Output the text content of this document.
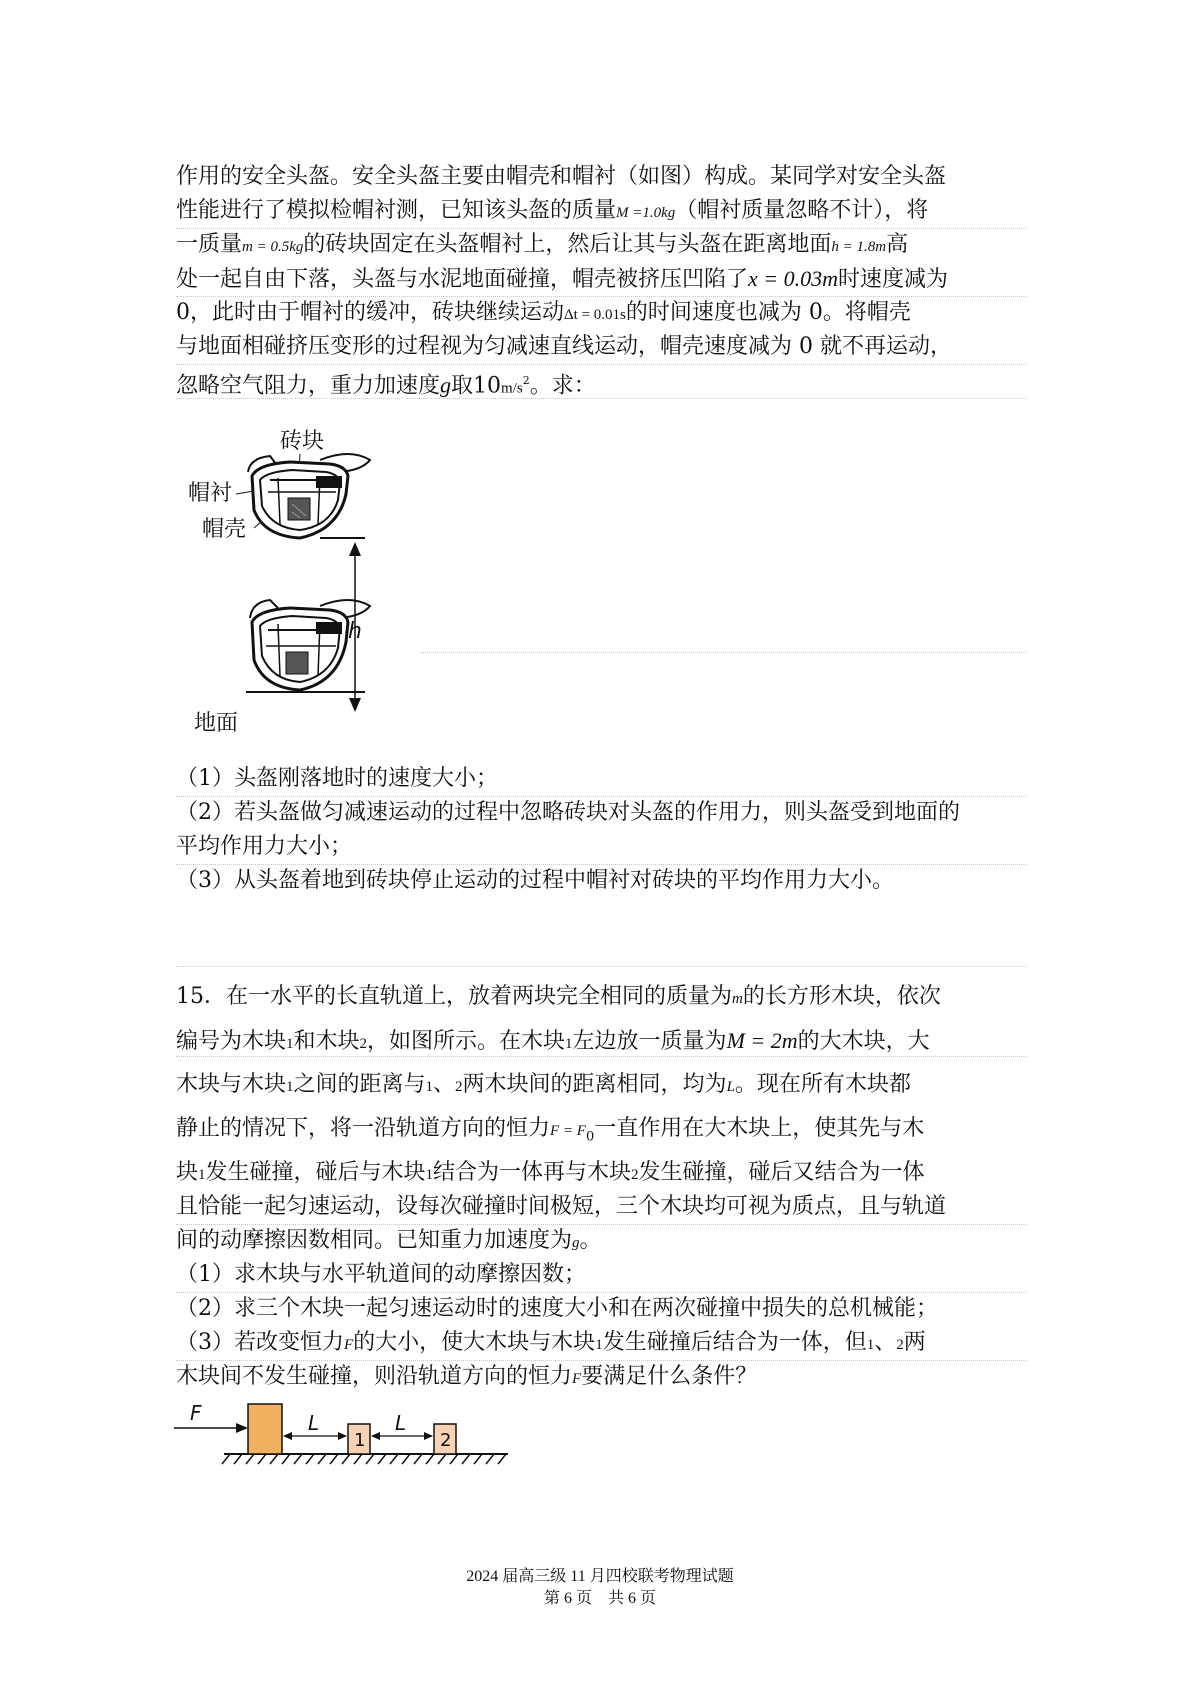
作用的安全头盔。安全头盔主要由帽壳和帽衬（如图）构成。某同学对安全头盔
性能进行了模拟检帽衬测，已知该头盔的质量M =1.0kg（帽衬质量忽略不计），将
一质量m = 0.5kg的砖块固定在头盔帽衬上，然后让其与头盔在距离地面h = 1.8m高
处一起自由下落，头盔与水泥地面碰撞，帽壳被挤压凹陷了x = 0.03m时速度减为
0，此时由于帽衬的缓冲，砖块继续运动Δt = 0.01s的时间速度也减为 0。将帽壳
与地面相碰挤压变形的过程视为匀减速直线运动，帽壳速度减为 0 就不再运动，
忽略空气阻力，重力加速度g取$10m/s^2$。求：
砖块
帽衬
帽壳
h
地面
（1）头盔刚落地时的速度大小；
（2）若头盔做匀减速运动的过程中忽略砖块对头盔的作用力，则头盔受到地面的
平均作用力大小；
（3）从头盔着地到砖块停止运动的过程中帽衬对砖块的平均作用力大小。
15．在一水平的长直轨道上，放着两块完全相同的质量为m的长方形木块，依次
编号为木块1和木块2，如图所示。在木块1左边放一质量为M = 2m的大木块，大
木块与木块1之间的距离与1、2两木块间的距离相同，均为L。现在所有木块都
静止的情况下，将一沿轨道方向的恒力$F = F_0$一直作用在大木块上，使其先与木
块1发生碰撞，碰后与木块1结合为一体再与木块2发生碰撞，碰后又结合为一体
且恰能一起匀速运动，设每次碰撞时间极短，三个木块均可视为质点，且与轨道
间的动摩擦因数相同。已知重力加速度为g。
（1）求木块与水平轨道间的动摩擦因数；
（2）求三个木块一起匀速运动时的速度大小和在两次碰撞中损失的总机械能；
（3）若改变恒力F的大小，使大木块与木块1发生碰撞后结合为一体，但1、2两
木块间不发生碰撞，则沿轨道方向的恒力F要满足什么条件？
F	L
1
L
2
2024 届高三级 11 月四校联考物理试题
第 6 页　共 6 页
